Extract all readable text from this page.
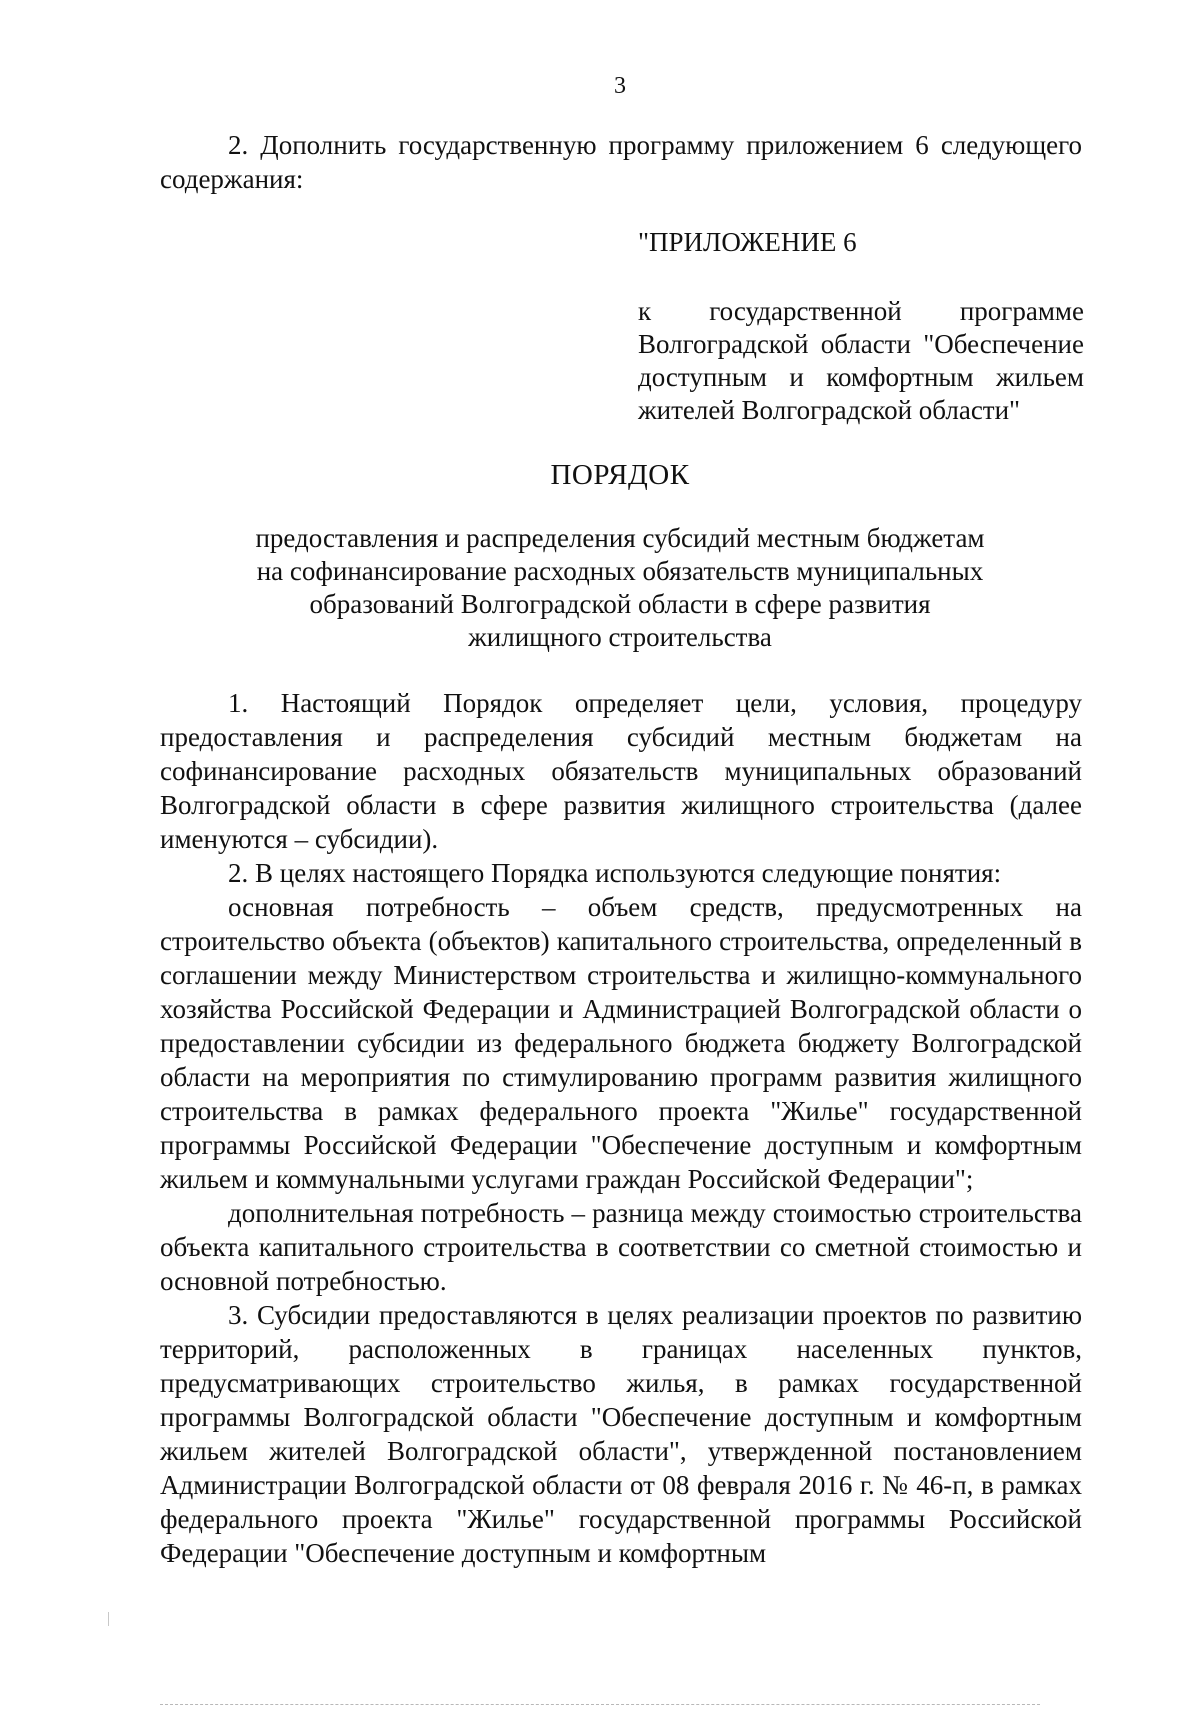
3

2. Дополнить государственную программу приложением 6 следующего содержания:

"ПРИЛОЖЕНИЕ 6
к государственной программе Волгоградской области "Обеспечение доступным и комфортным жильем жителей Волгоградской области"
ПОРЯДОК
предоставления и распределения субсидий местным бюджетам
на софинансирование расходных обязательств муниципальных
образований Волгоградской области в сфере развития
жилищного строительства

1. Настоящий Порядок определяет цели, условия, процедуру предоставления и распределения субсидий местным бюджетам на софинансирование расходных обязательств муниципальных образований Волгоградской области в сфере развития жилищного строительства (далее именуются – субсидии).

2. В целях настоящего Порядка используются следующие понятия:

основная потребность – объем средств, предусмотренных на строительство объекта (объектов) капитального строительства, определенный в соглашении между Министерством строительства и жилищно-коммунального хозяйства Российской Федерации и Администрацией Волгоградской области о предоставлении субсидии из федерального бюджета бюджету Волгоградской области на мероприятия по стимулированию программ развития жилищного строительства в рамках федерального проекта "Жилье" государственной программы Российской Федерации "Обеспечение доступным и комфортным жильем и коммунальными услугами граждан Российской Федерации";

дополнительная потребность – разница между стоимостью строительства объекта капитального строительства в соответствии со сметной стоимостью и основной потребностью.

3. Субсидии предоставляются в целях реализации проектов по развитию территорий, расположенных в границах населенных пунктов, предусматривающих строительство жилья, в рамках государственной программы Волгоградской области "Обеспечение доступным и комфортным жильем жителей Волгоградской области", утвержденной постановлением Администрации Волгоградской области от 08 февраля 2016 г. № 46-п, в рамках федерального проекта "Жилье" государственной программы Российской Федерации "Обеспечение доступным и комфортным
